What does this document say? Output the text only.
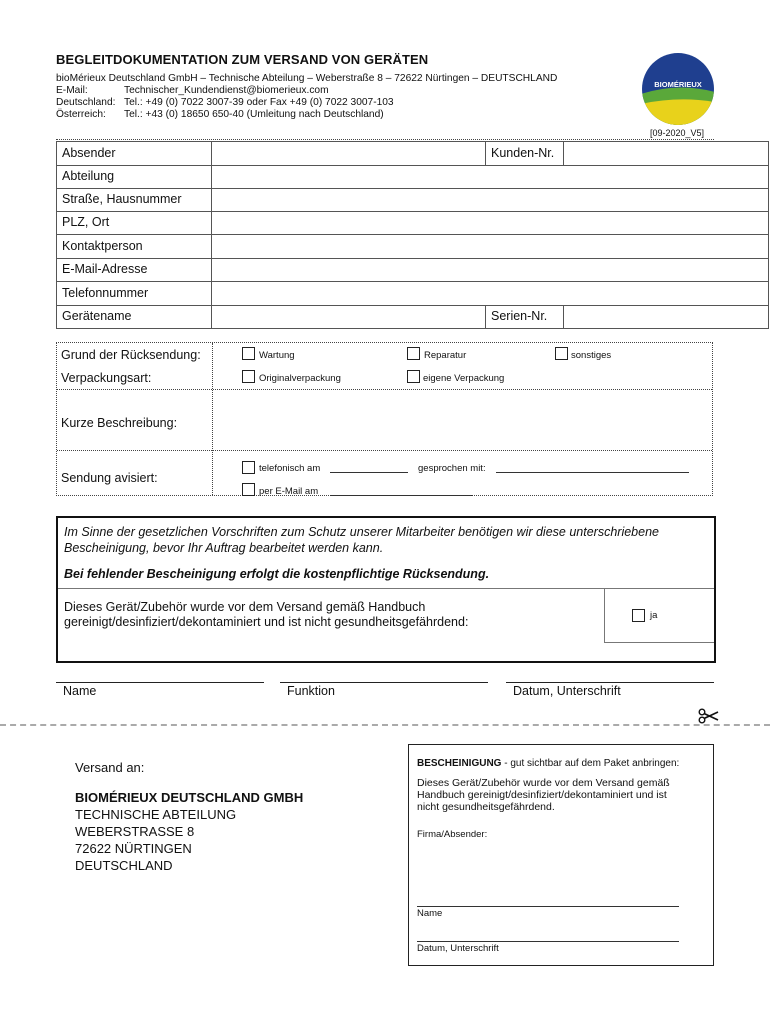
BEGLEITDOKUMENTATION ZUM VERSAND VON GERÄTEN
bioMérieux Deutschland GmbH – Technische Abteilung – Weberstraße 8 – 72622 Nürtingen – DEUTSCHLAND
E-Mail:	Technischer_Kundendienst@biomerieux.com
Deutschland: Tel.: +49 (0) 7022 3007-39 oder Fax +49 (0) 7022 3007-103
Österreich: Tel.: +43 (0) 18650 650-40 (Umleitung nach Deutschland)
BIOMÉRIEUX
[09-2020_V5]
Absender	Kunden-Nr.
Abteilung
Straße, Hausnummer
PLZ, Ort
Kontaktperson
E-Mail-Adresse
Telefonnummer
Gerätename	Serien-Nr.
Grund der Rücksendung:	Wartung	Reparatur	sonstiges
Verpackungsart:	Originalverpackung	eigene Verpackung
Kurze Beschreibung:
Sendung avisiert:
telefonisch am	gesprochen mit:
per E-Mail am
Im Sinne der gesetzlichen Vorschriften zum Schutz unserer Mitarbeiter benötigen wir diese unterschriebene
Bescheinigung, bevor Ihr Auftrag bearbeitet werden kann.
Bei fehlender Bescheinigung erfolgt die kostenpflichtige Rücksendung.
Dieses Gerät/Zubehör wurde vor dem Versand gemäß Handbuch
gereinigt/desinfiziert/dekontaminiert und ist nicht gesundheitsgefährdend:	ja
Name	Funktion	Datum, Unterschrift
Versand an:
BIOMÉRIEUX DEUTSCHLAND GMBH
TECHNISCHE ABTEILUNG
WEBERSTRASSE 8
72622 NÜRTINGEN
DEUTSCHLAND
BESCHEINIGUNG - gut sichtbar auf dem Paket anbringen:
Dieses Gerät/Zubehör wurde vor dem Versand gemäß
Handbuch gereinigt/desinfiziert/dekontaminiert und ist
nicht gesundheitsgefährdend.
Firma/Absender:
Name
Datum, Unterschrift
